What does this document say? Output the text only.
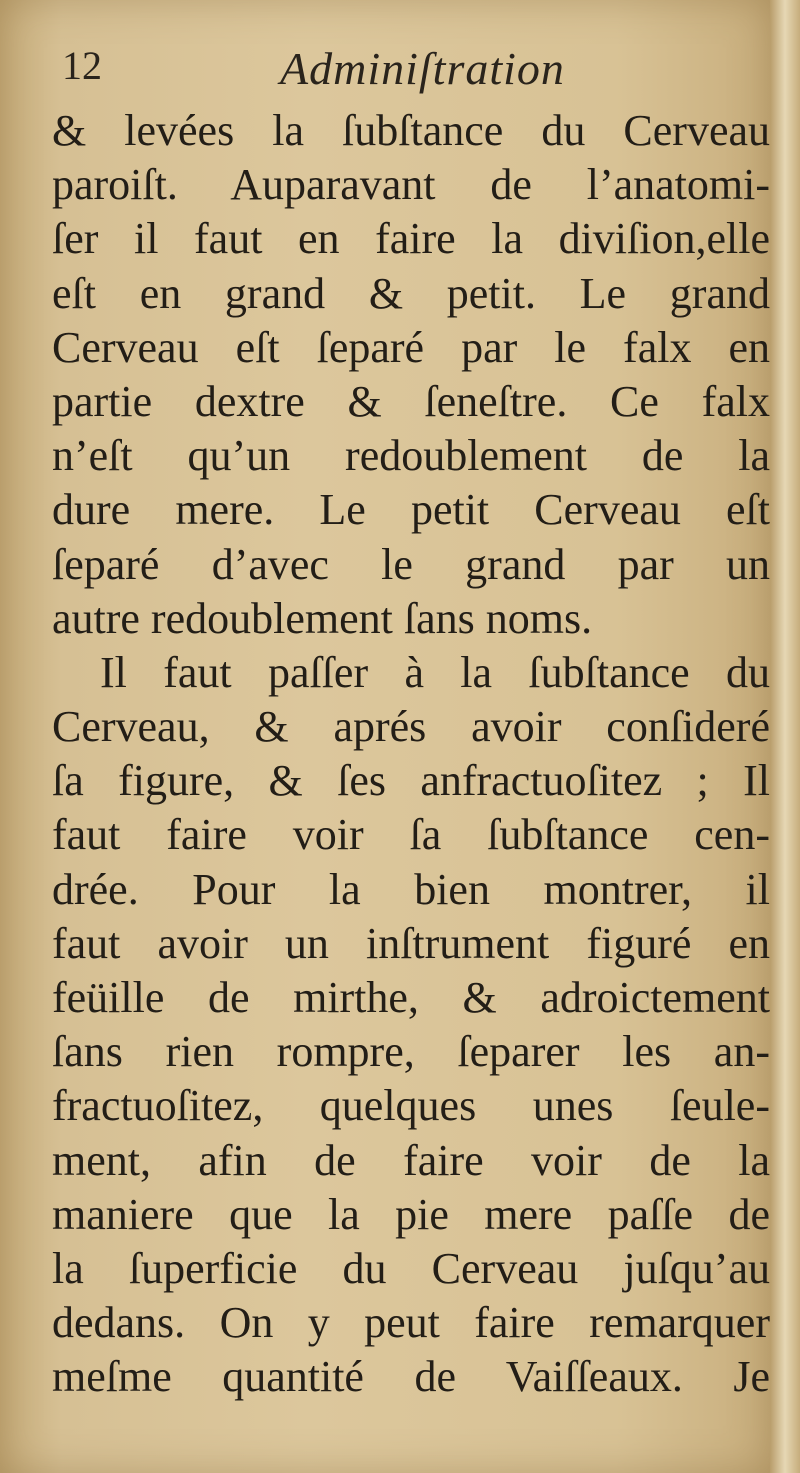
12	Adminiſtration
& levées la ſubſtance du Cerveau
paroiſt. Auparavant de l’anatomi-
ſer il faut en faire la diviſion,elle
eſt en grand & petit. Le grand
Cerveau eſt ſeparé par le falx en
partie dextre & ſeneſtre. Ce falx
n’eſt qu’un redoublement de la
dure mere. Le petit Cerveau eſt
ſeparé d’avec le grand par un
autre redoublement ſans noms.
Il faut paſſer à la ſubſtance du
Cerveau, & aprés avoir conſideré
ſa figure, & ſes anfractuoſitez ; Il
faut faire voir ſa ſubſtance cen-
drée. Pour la bien montrer, il
faut avoir un inſtrument figuré en
feüille de mirthe, & adroictement
ſans rien rompre, ſeparer les an-
fractuoſitez, quelques unes ſeule-
ment, afin de faire voir de la
maniere que la pie mere paſſe de
la ſuperficie du Cerveau juſqu’au
dedans. On y peut faire remarquer
meſme quantité de Vaiſſeaux. Je
